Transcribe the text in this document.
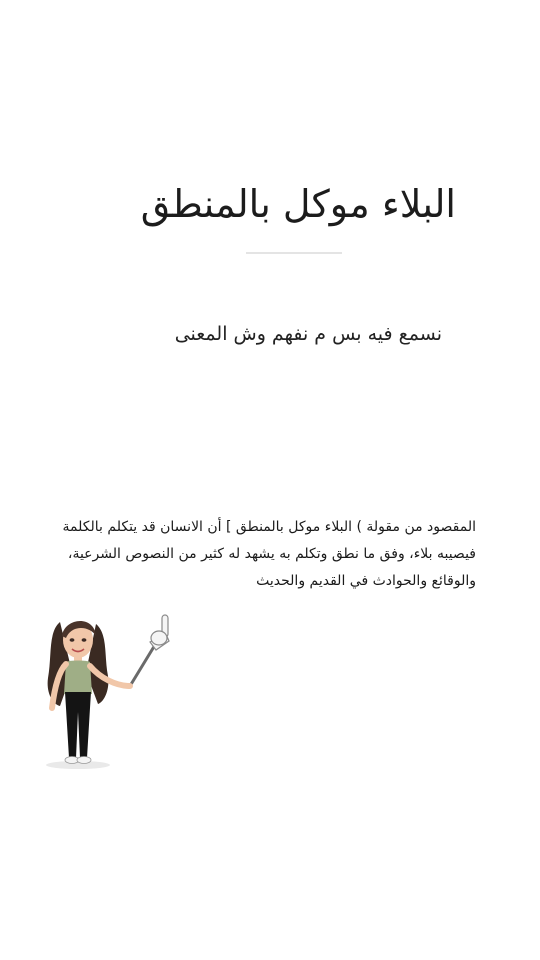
البلاء موكل بالمنطق
نسمع فيه بس م نفهم وش المعنى
المقصود من مقولة ) البلاء موكل بالمنطق ] أن الانسان قد يتكلم بالكلمة
فيصيبه بلاء، وفق ما نطق وتكلم به يشهد له كثير من النصوص الشرعية،
والوقائع والحوادث في القديم والحديث
